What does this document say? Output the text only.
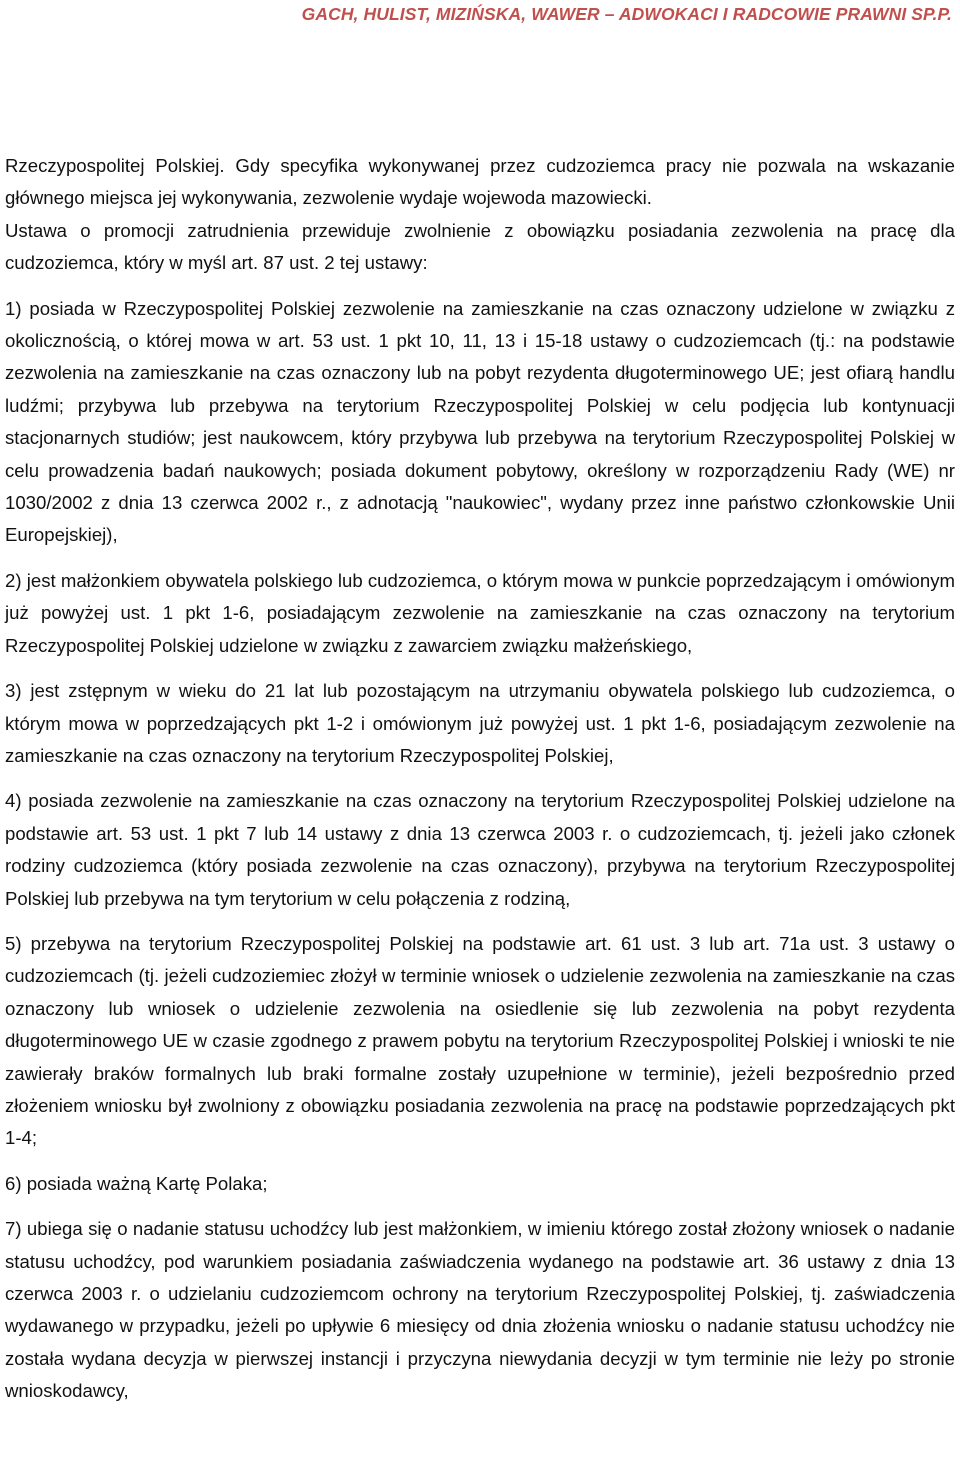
GACH, HULIST, MIZIŃSKA, WAWER – ADWOKACI I RADCOWIE PRAWNI SP.P.

Rzeczypospolitej Polskiej. Gdy specyfika wykonywanej przez cudzoziemca pracy nie pozwala na wskazanie głównego miejsca jej wykonywania, zezwolenie wydaje wojewoda mazowiecki.

Ustawa o promocji zatrudnienia przewiduje zwolnienie z obowiązku posiadania zezwolenia na pracę dla cudzoziemca, który w myśl art. 87 ust. 2 tej ustawy:

1) posiada w Rzeczypospolitej Polskiej zezwolenie na zamieszkanie na czas oznaczony udzielone w związku z okolicznością, o której mowa w art. 53 ust. 1 pkt 10, 11, 13 i 15-18 ustawy o cudzoziemcach (tj.: na podstawie zezwolenia na zamieszkanie na czas oznaczony lub na pobyt rezydenta długoterminowego UE; jest ofiarą handlu ludźmi; przybywa lub przebywa na terytorium Rzeczypospolitej Polskiej w celu podjęcia lub kontynuacji stacjonarnych studiów; jest naukowcem, który przybywa lub przebywa na terytorium Rzeczypospolitej Polskiej w celu prowadzenia badań naukowych; posiada dokument pobytowy, określony w rozporządzeniu Rady (WE) nr 1030/2002 z dnia 13 czerwca 2002 r., z adnotacją "naukowiec", wydany przez inne państwo członkowskie Unii Europejskiej),

2) jest małżonkiem obywatela polskiego lub cudzoziemca, o którym mowa w punkcie poprzedzającym i omówionym już powyżej ust. 1 pkt 1-6, posiadającym zezwolenie na zamieszkanie na czas oznaczony na terytorium Rzeczypospolitej Polskiej udzielone w związku z zawarciem związku małżeńskiego,

3) jest zstępnym w wieku do 21 lat lub pozostającym na utrzymaniu obywatela polskiego lub cudzoziemca, o którym mowa w poprzedzających pkt 1-2 i omówionym już powyżej ust. 1 pkt 1-6, posiadającym zezwolenie na zamieszkanie na czas oznaczony na terytorium Rzeczypospolitej Polskiej,

4) posiada zezwolenie na zamieszkanie na czas oznaczony na terytorium Rzeczypospolitej Polskiej udzielone na podstawie art. 53 ust. 1 pkt 7 lub 14 ustawy z dnia 13 czerwca 2003 r. o cudzoziemcach, tj. jeżeli jako członek rodziny cudzoziemca (który posiada zezwolenie na czas oznaczony), przybywa na terytorium Rzeczypospolitej Polskiej lub przebywa na tym terytorium w celu połączenia z rodziną,

5) przebywa na terytorium Rzeczypospolitej Polskiej na podstawie art. 61 ust. 3 lub art. 71a ust. 3 ustawy o cudzoziemcach (tj. jeżeli cudzoziemiec złożył w terminie wniosek o udzielenie zezwolenia na zamieszkanie na czas oznaczony lub wniosek o udzielenie zezwolenia na osiedlenie się lub zezwolenia na pobyt rezydenta długoterminowego UE w czasie zgodnego z prawem pobytu na terytorium Rzeczypospolitej Polskiej i wnioski te nie zawierały braków formalnych lub braki formalne zostały uzupełnione w terminie), jeżeli bezpośrednio przed złożeniem wniosku był zwolniony z obowiązku posiadania zezwolenia na pracę na podstawie poprzedzających pkt 1-4;

6) posiada ważną Kartę Polaka;

7) ubiega się o nadanie statusu uchodźcy lub jest małżonkiem, w imieniu którego został złożony wniosek o nadanie statusu uchodźcy, pod warunkiem posiadania zaświadczenia wydanego na podstawie art. 36 ustawy z dnia 13 czerwca 2003 r. o udzielaniu cudzoziemcom ochrony na terytorium Rzeczypospolitej Polskiej, tj. zaświadczenia wydawanego w przypadku, jeżeli po upływie 6 miesięcy od dnia złożenia wniosku o nadanie statusu uchodźcy nie została wydana decyzja w pierwszej instancji i przyczyna niewydania decyzji w tym terminie nie leży po stronie wnioskodawcy,
